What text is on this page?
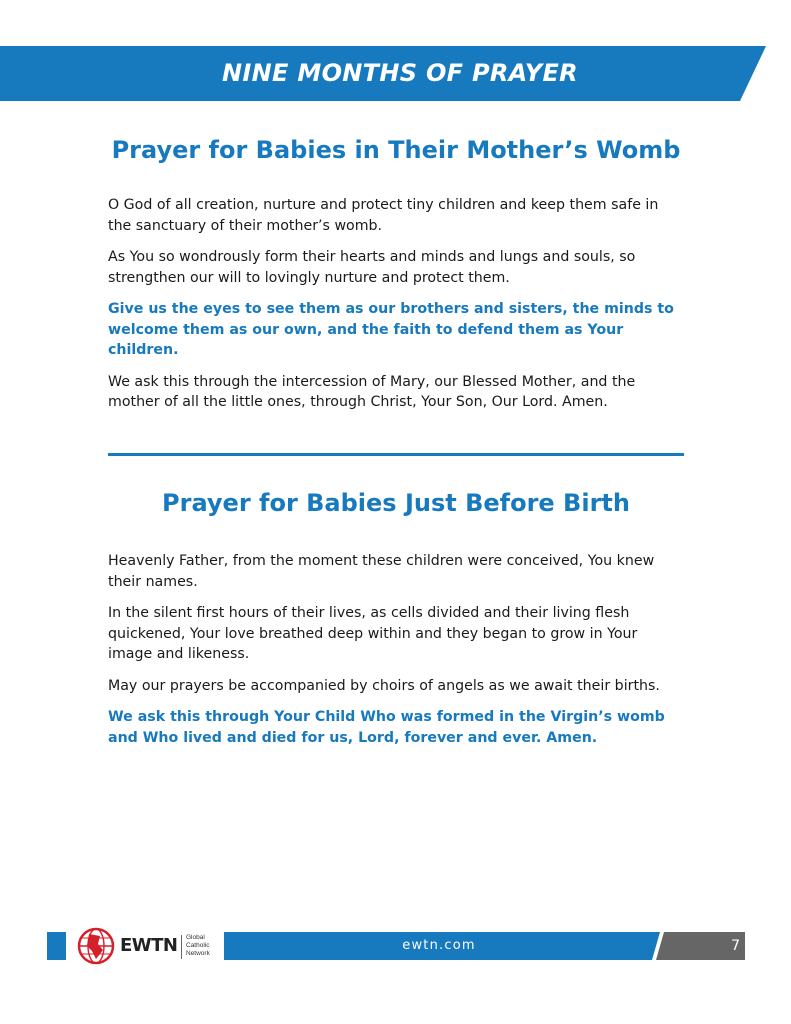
NINE MONTHS OF PRAYER
Prayer for Babies in Their Mother’s Womb

O God of all creation, nurture and protect tiny children and keep them safe in the sanctuary of their mother’s womb.

As You so wondrously form their hearts and minds and lungs and souls, so strengthen our will to lovingly nurture and protect them.

Give us the eyes to see them as our brothers and sisters, the minds to welcome them as our own, and the faith to defend them as Your children.

We ask this through the intercession of Mary, our Blessed Mother, and the mother of all the little ones, through Christ, Your Son, Our Lord. Amen.

Prayer for Babies Just Before Birth

Heavenly Father, from the moment these children were conceived, You knew their names.

In the silent first hours of their lives, as cells divided and their living flesh quickened, Your love breathed deep within and they began to grow in Your image and likeness.

May our prayers be accompanied by choirs of angels as we await their births.

We ask this through Your Child Who was formed in the Virgin’s womb and Who lived and died for us, Lord, forever and ever. Amen.

EWTN Global
Catholic
Network
ewtn.com	7
